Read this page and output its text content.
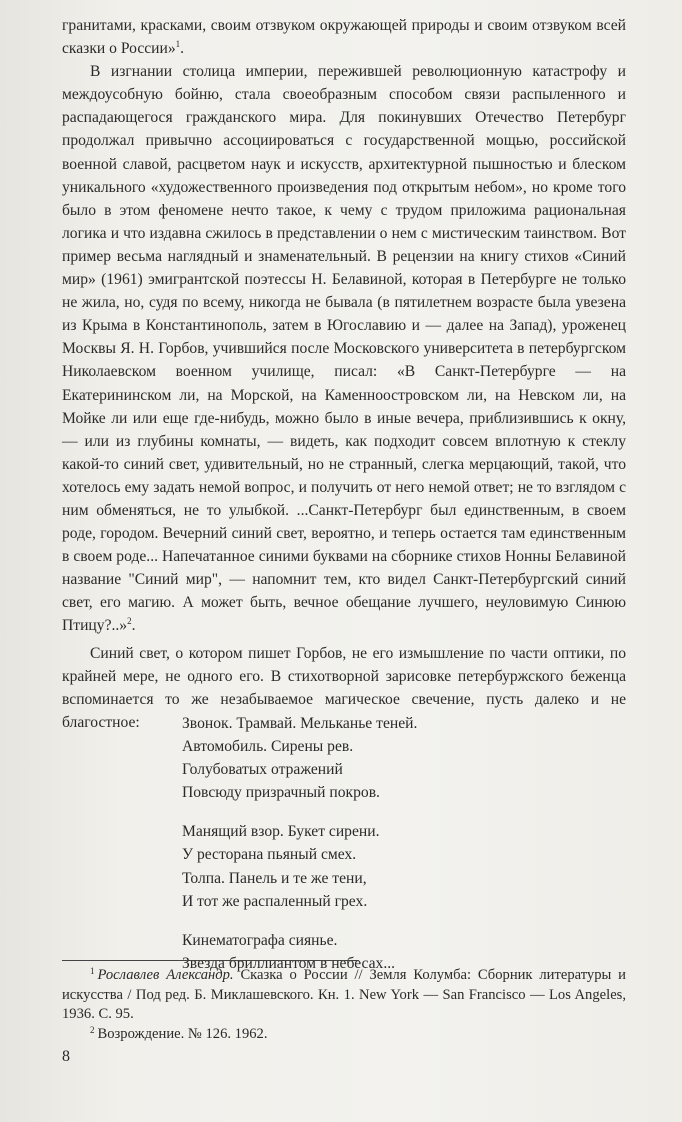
гранитами, красками, своим отзвуком окружающей природы и своим отзвуком всей сказки о России»$^1$.

В изгнании столица империи, пережившей революционную катастрофу и междоусобную бойню, стала своеобразным способом связи распыленного и распадающегося гражданского мира. Для покинувших Отечество Петербург продолжал привычно ассоциироваться с государственной мощью, российской военной славой, расцветом наук и искусств, архитектурной пышностью и блеском уникального «художественного произведения под открытым небом», но кроме того было в этом феномене нечто такое, к чему с трудом приложима рациональная логика и что издавна сжилось в представлении о нем с мистическим таинством. Вот пример весьма наглядный и знаменательный. В рецензии на книгу стихов «Синий мир» (1961) эмигрантской поэтессы Н. Белавиной, которая в Петербурге не только не жила, но, судя по всему, никогда не бывала (в пятилетнем возрасте была увезена из Крыма в Константинополь, затем в Югославию и — далее на Запад), уроженец Москвы Я. Н. Горбов, учившийся после Московского университета в петербургском Николаевском военном училище, писал: «В Санкт-Петербурге — на Екатерининском ли, на Морской, на Каменноостровском ли, на Невском ли, на Мойке ли или еще где-нибудь, можно было в иные вечера, приблизившись к окну, — или из глубины комнаты, — видеть, как подходит совсем вплотную к стеклу какой-то синий свет, удивительный, но не странный, слегка мерцающий, такой, что хотелось ему задать немой вопрос, и получить от него немой ответ; не то взглядом с ним обменяться, не то улыбкой. ...Санкт-Петербург был единственным, в своем роде, городом. Вечерний синий свет, вероятно, и теперь остается там единственным в своем роде... Напечатанное синими буквами на сборнике стихов Нонны Белавиной название "Синий мир", — напомнит тем, кто видел Санкт-Петербургский синий свет, его магию. А может быть, вечное обещание лучшего, неуловимую Синюю Птицу?..»$^2$.

Синий свет, о котором пишет Горбов, не его измышление по части оптики, по крайней мере, не одного его. В стихотворной зарисовке петербуржского беженца вспоминается то же незабываемое магическое свечение, пусть далеко и не благостное:	Звонок. Трамвай. Мельканье теней.
Автомобиль. Сирены рев.
Голубоватых отражений
Повсюду призрачный покров.
Манящий взор. Букет сирени.
У ресторана пьяный смех.
Толпа. Панель и те же тени,
И тот же распаленный грех.
Кинематографа сиянье.
Звезда бриллиантом в небесах...

$^1$ Рославлев Александр. Сказка о России // Земля Колумба: Сборник литературы и искусства / Под ред. Б. Миклашевского. Кн. 1. New York — San Francisco — Los Angeles, 1936. С. 95.

$^2$ Возрождение. № 126. 1962.

8
